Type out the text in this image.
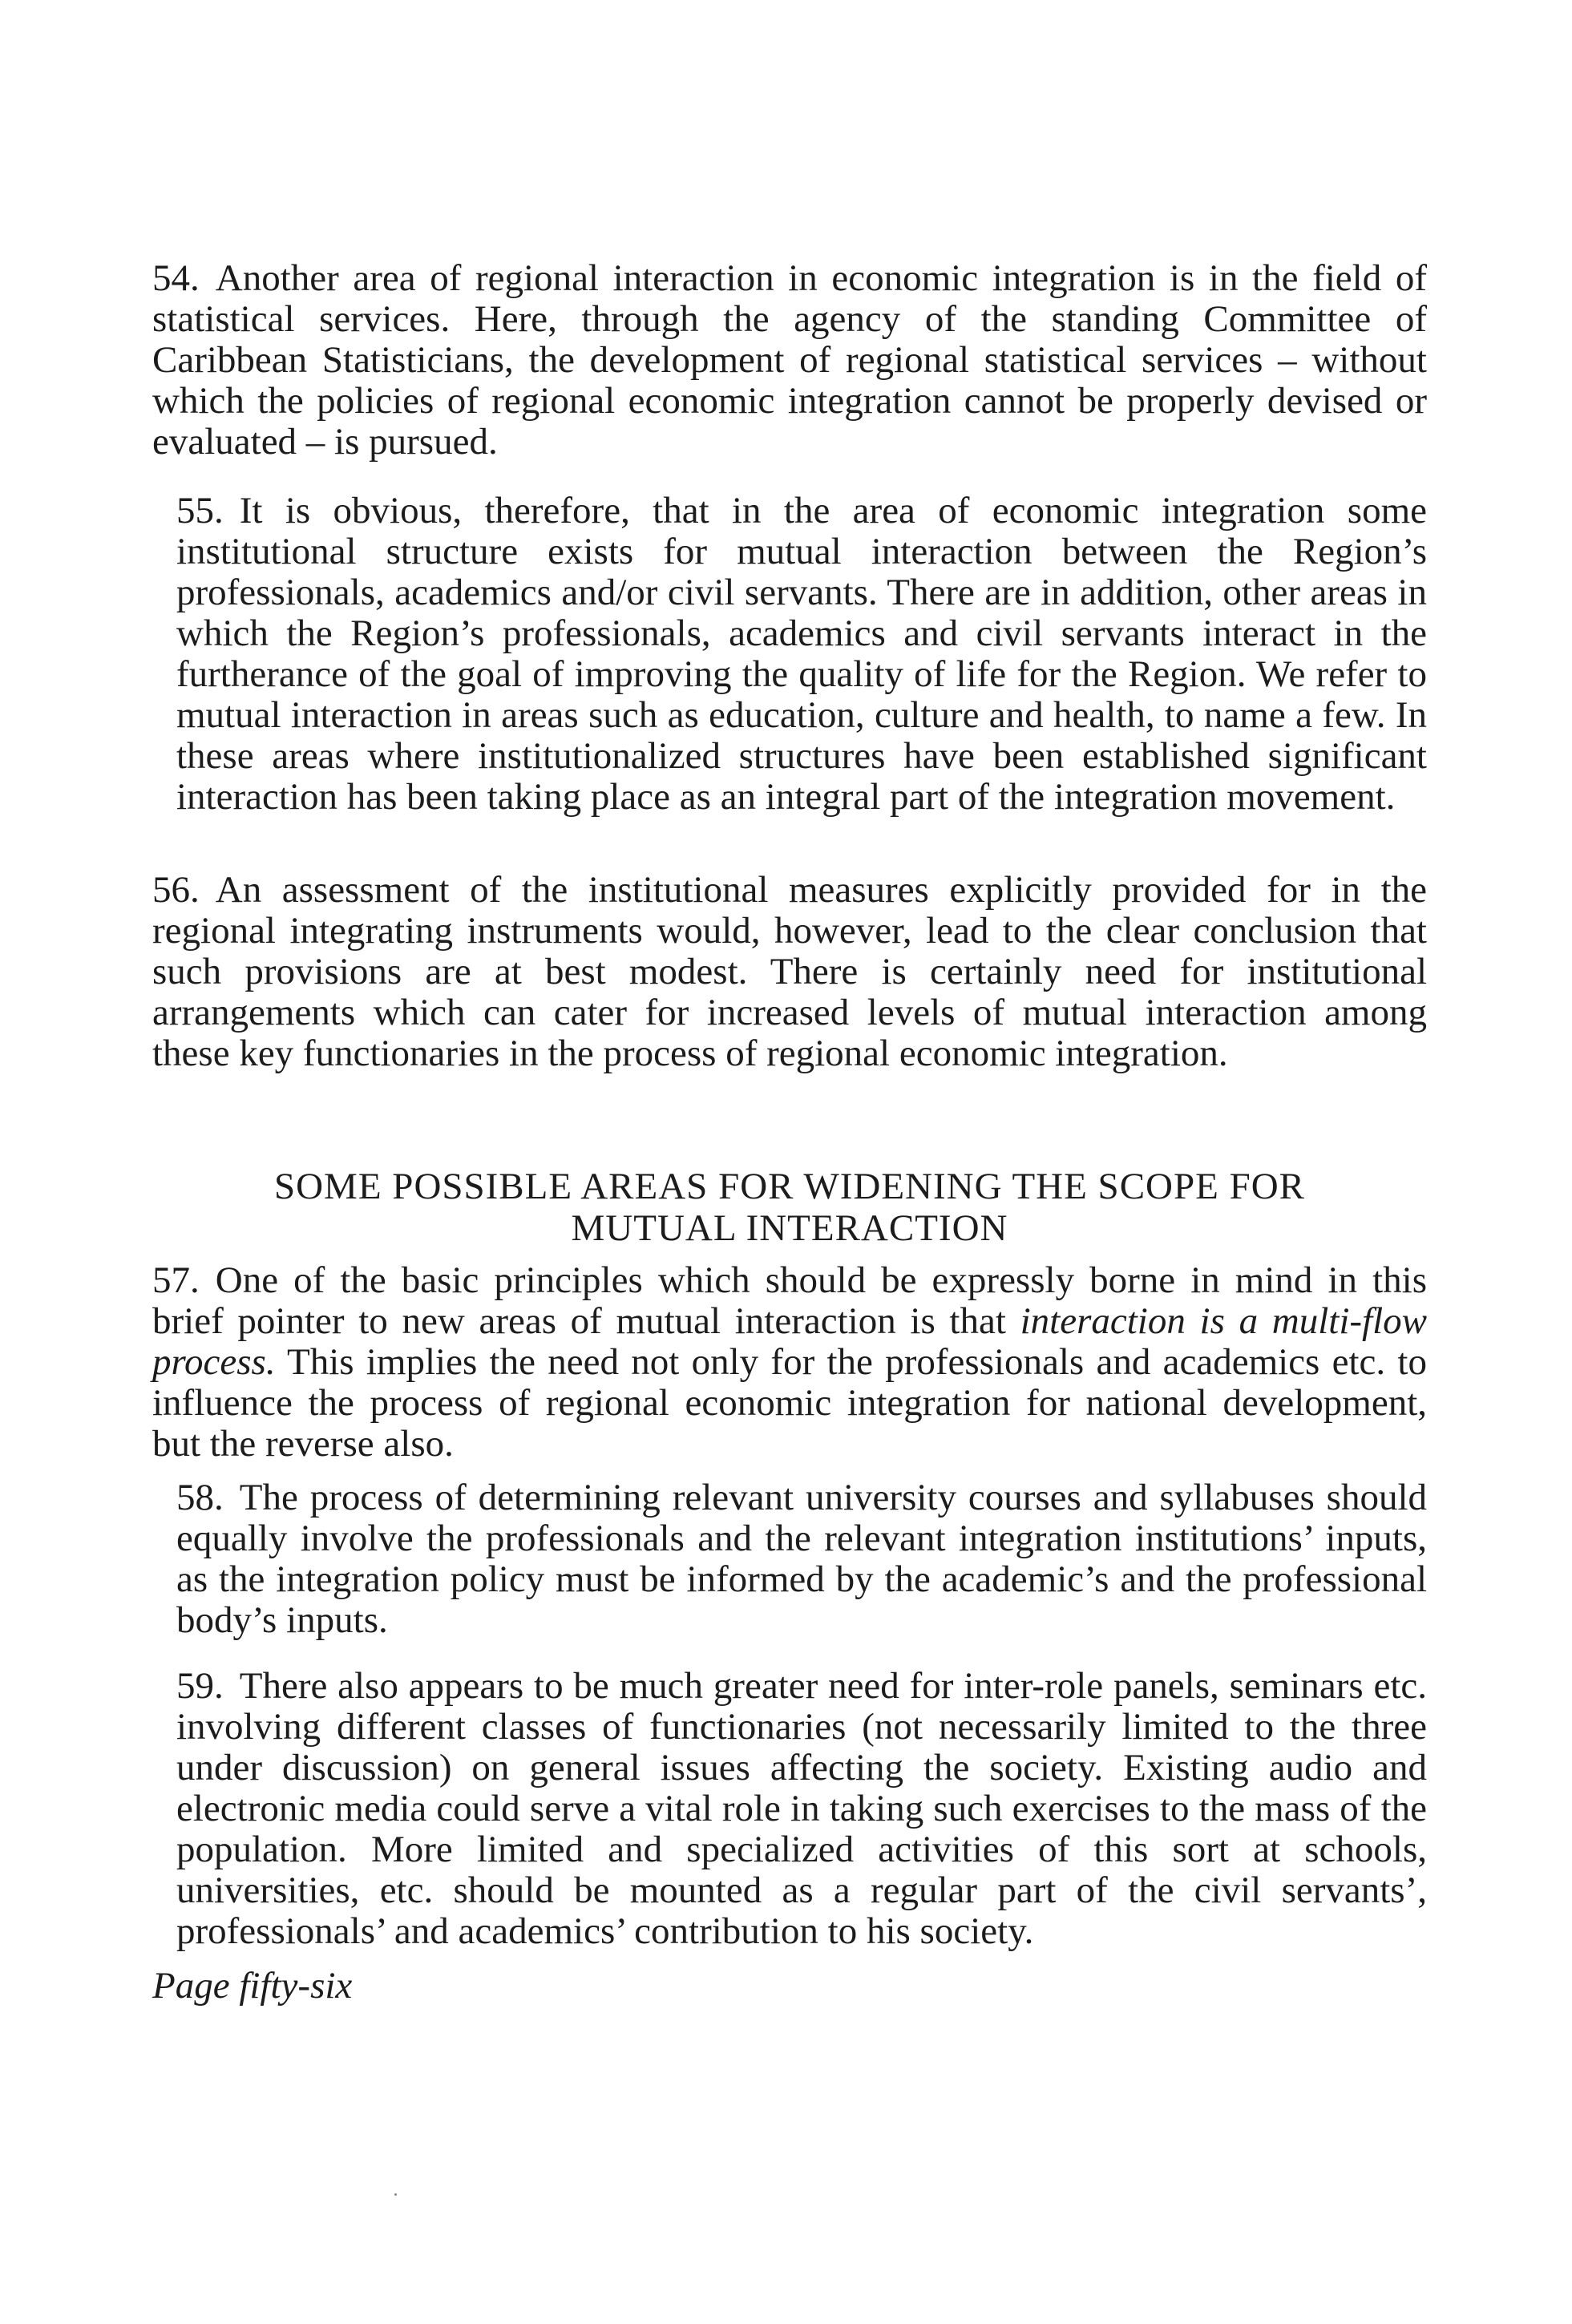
54. Another area of regional interaction in economic integration is in the field of statistical services. Here, through the agency of the standing Committee of Caribbean Statisticians, the development of regional statistical services – without which the policies of regional economic integration cannot be properly devised or evaluated – is pursued.

55. It is obvious, therefore, that in the area of economic integration some institutional structure exists for mutual interaction between the Region’s professionals, academics and/or civil servants. There are in addition, other areas in which the Region’s professionals, academics and civil servants interact in the furtherance of the goal of improving the quality of life for the Region. We refer to mutual interaction in areas such as education, culture and health, to name a few. In these areas where institutionalized structures have been established significant interaction has been taking place as an integral part of the integration movement.

56. An assessment of the institutional measures explicitly provided for in the regional integrating instruments would, however, lead to the clear conclusion that such provisions are at best modest. There is certainly need for institutional arrangements which can cater for increased levels of mutual interaction among these key functionaries in the process of regional economic integration.

SOME POSSIBLE AREAS FOR WIDENING THE SCOPE FOR
MUTUAL INTERACTION

57. One of the basic principles which should be expressly borne in mind in this brief pointer to new areas of mutual interaction is that interaction is a multi-flow process. This implies the need not only for the professionals and academics etc. to influence the process of regional economic integration for national development, but the reverse also.

58. The process of determining relevant university courses and syllabuses should equally involve the professionals and the relevant integration institutions’ inputs, as the integration policy must be informed by the academic’s and the professional body’s inputs.

59. There also appears to be much greater need for inter-role panels, seminars etc. involving different classes of functionaries (not necessarily limited to the three under discussion) on general issues affecting the society. Existing audio and electronic media could serve a vital role in taking such exercises to the mass of the population. More limited and specialized activities of this sort at schools, universities, etc. should be mounted as a regular part of the civil servants’, professionals’ and academics’ contribution to his society.

Page fifty-six
